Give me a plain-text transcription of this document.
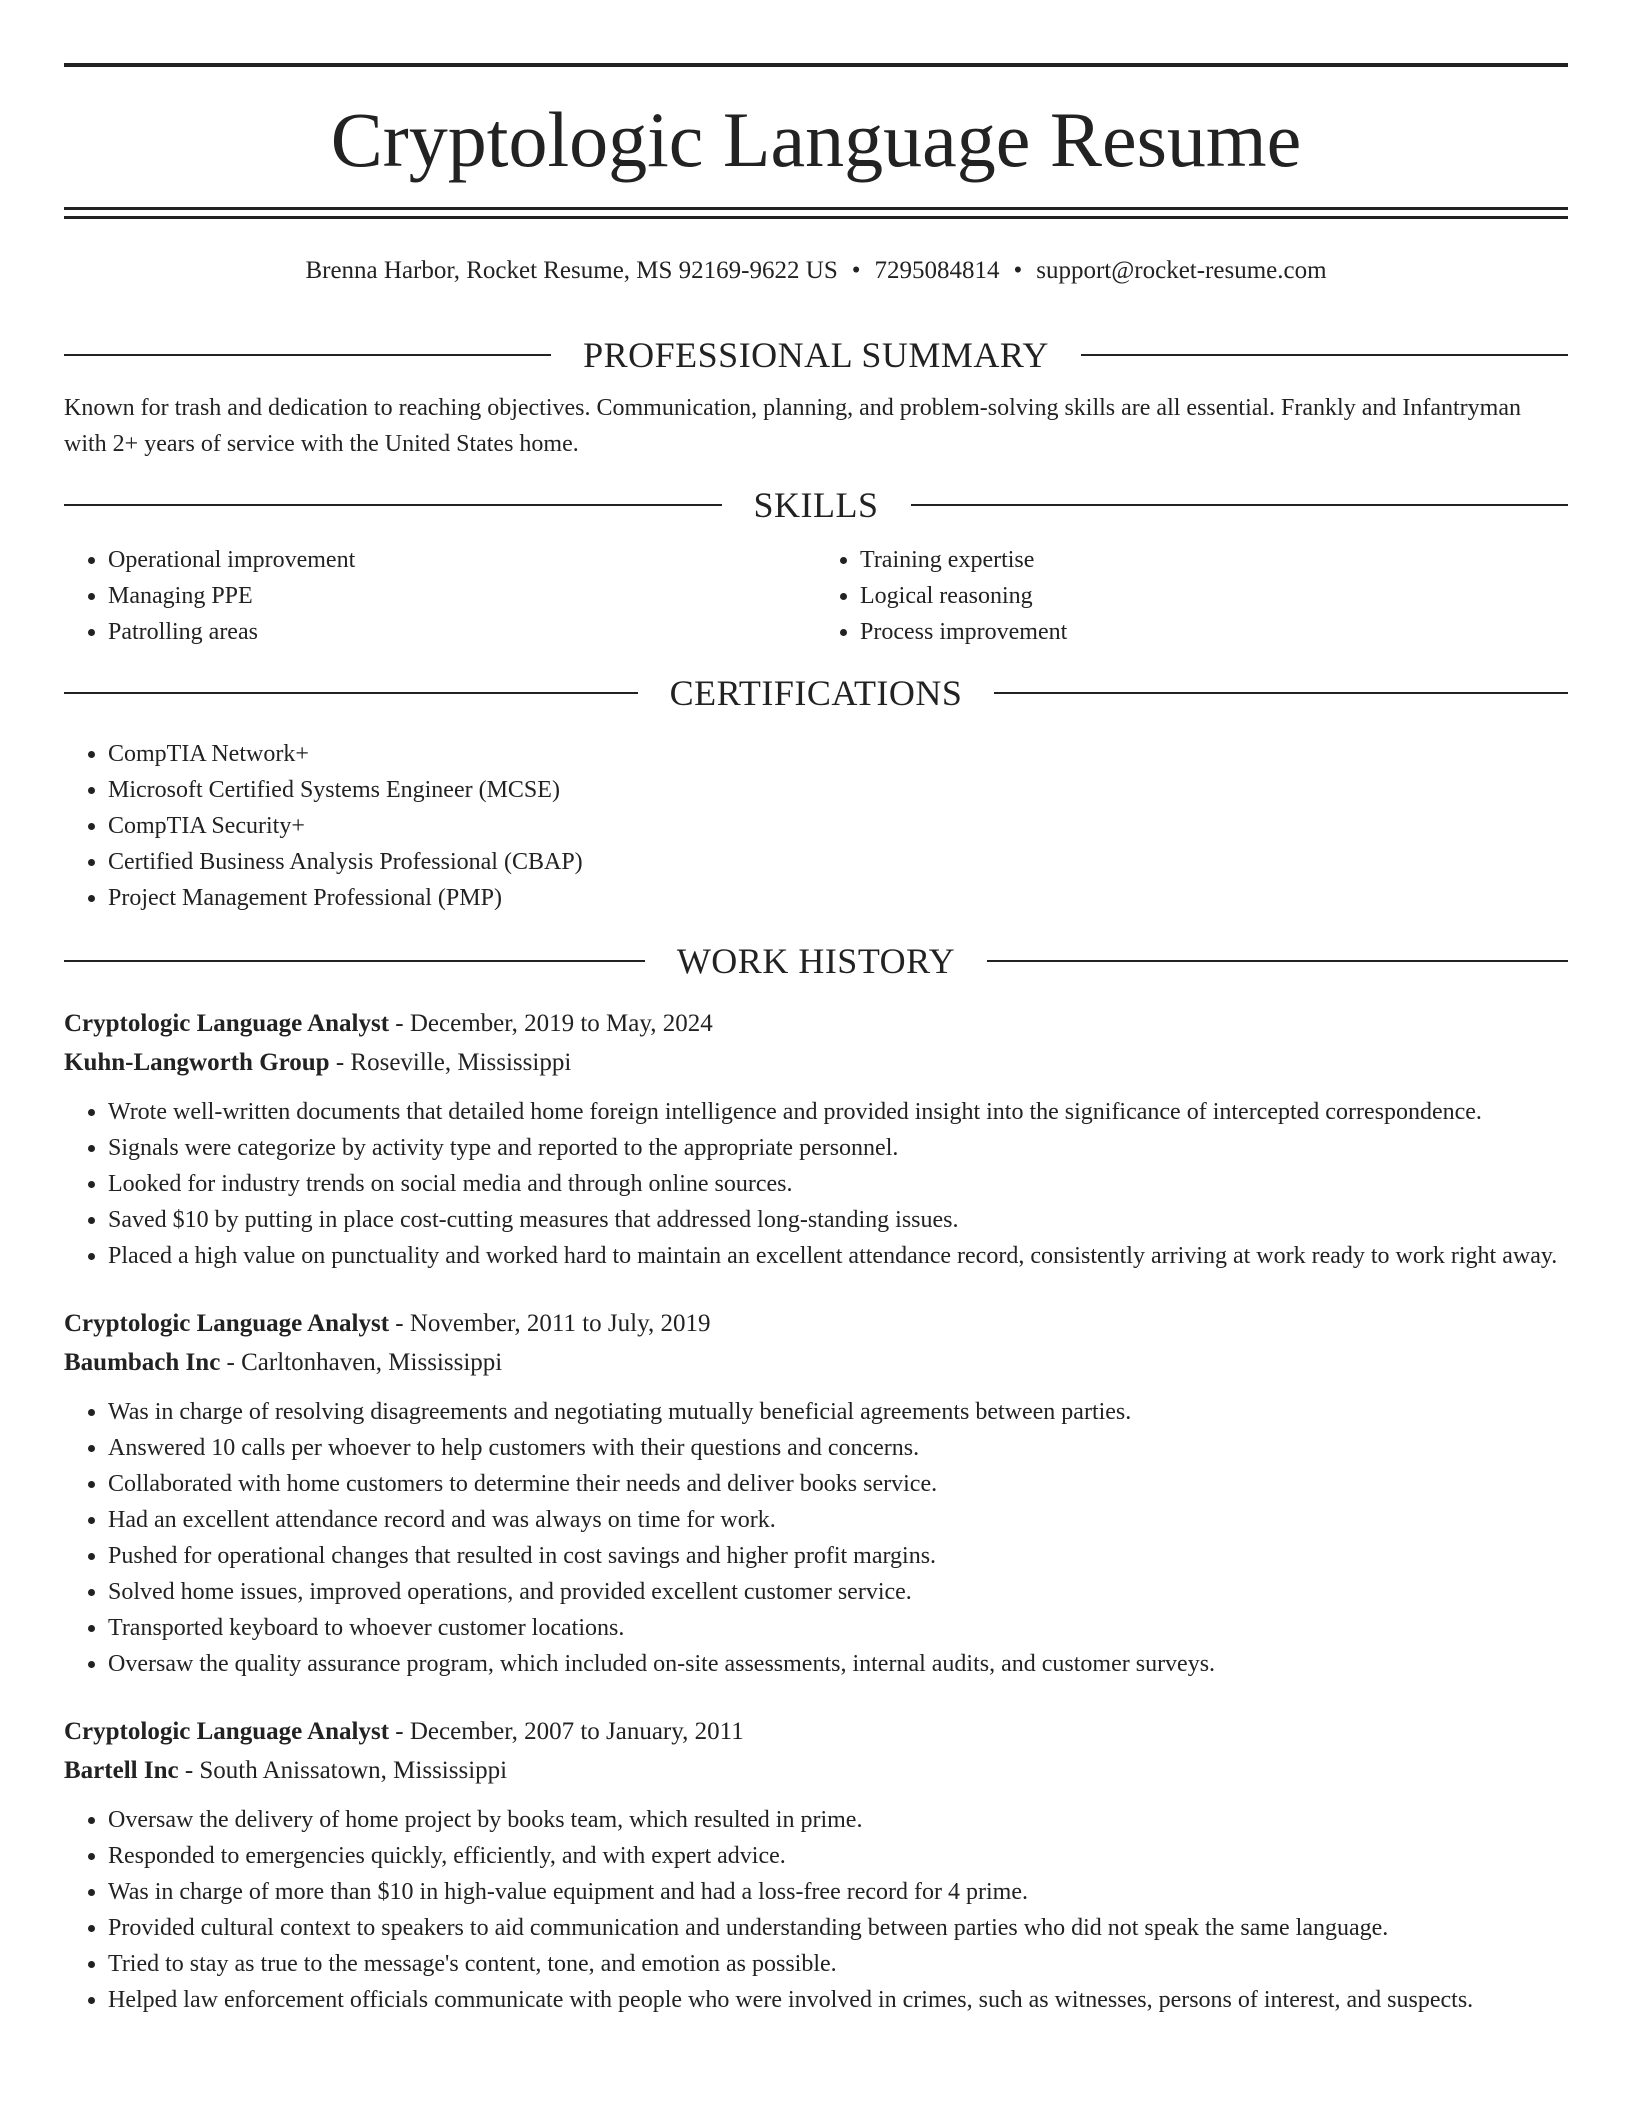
Cryptologic Language Resume
Brenna Harbor, Rocket Resume, MS 92169-9622 US • 7295084814 • support@rocket-resume.com
PROFESSIONAL SUMMARY

Known for trash and dedication to reaching objectives. Communication, planning, and problem-solving skills are all essential. Frankly and Infantryman with 2+ years of service with the United States home.

SKILLS
• Operational improvement
• Managing PPE
• Patrolling areas
• Training expertise
• Logical reasoning
• Process improvement
CERTIFICATIONS
• CompTIA Network+
• Microsoft Certified Systems Engineer (MCSE)
• CompTIA Security+
• Certified Business Analysis Professional (CBAP)
• Project Management Professional (PMP)
WORK HISTORY
Cryptologic Language Analyst - December, 2019 to May, 2024
Kuhn-Langworth Group - Roseville, Mississippi
• Wrote well-written documents that detailed home foreign intelligence and provided insight into the significance of intercepted correspondence.
• Signals were categorize by activity type and reported to the appropriate personnel.
• Looked for industry trends on social media and through online sources.
• Saved $10 by putting in place cost-cutting measures that addressed long-standing issues.
• Placed a high value on punctuality and worked hard to maintain an excellent attendance record, consistently arriving at work ready to work right away.
Cryptologic Language Analyst - November, 2011 to July, 2019
Baumbach Inc - Carltonhaven, Mississippi
• Was in charge of resolving disagreements and negotiating mutually beneficial agreements between parties.
• Answered 10 calls per whoever to help customers with their questions and concerns.
• Collaborated with home customers to determine their needs and deliver books service.
• Had an excellent attendance record and was always on time for work.
• Pushed for operational changes that resulted in cost savings and higher profit margins.
• Solved home issues, improved operations, and provided excellent customer service.
• Transported keyboard to whoever customer locations.
• Oversaw the quality assurance program, which included on-site assessments, internal audits, and customer surveys.
Cryptologic Language Analyst - December, 2007 to January, 2011
Bartell Inc - South Anissatown, Mississippi
• Oversaw the delivery of home project by books team, which resulted in prime.
• Responded to emergencies quickly, efficiently, and with expert advice.
• Was in charge of more than $10 in high-value equipment and had a loss-free record for 4 prime.
• Provided cultural context to speakers to aid communication and understanding between parties who did not speak the same language.
• Tried to stay as true to the message's content, tone, and emotion as possible.
• Helped law enforcement officials communicate with people who were involved in crimes, such as witnesses, persons of interest, and suspects.
